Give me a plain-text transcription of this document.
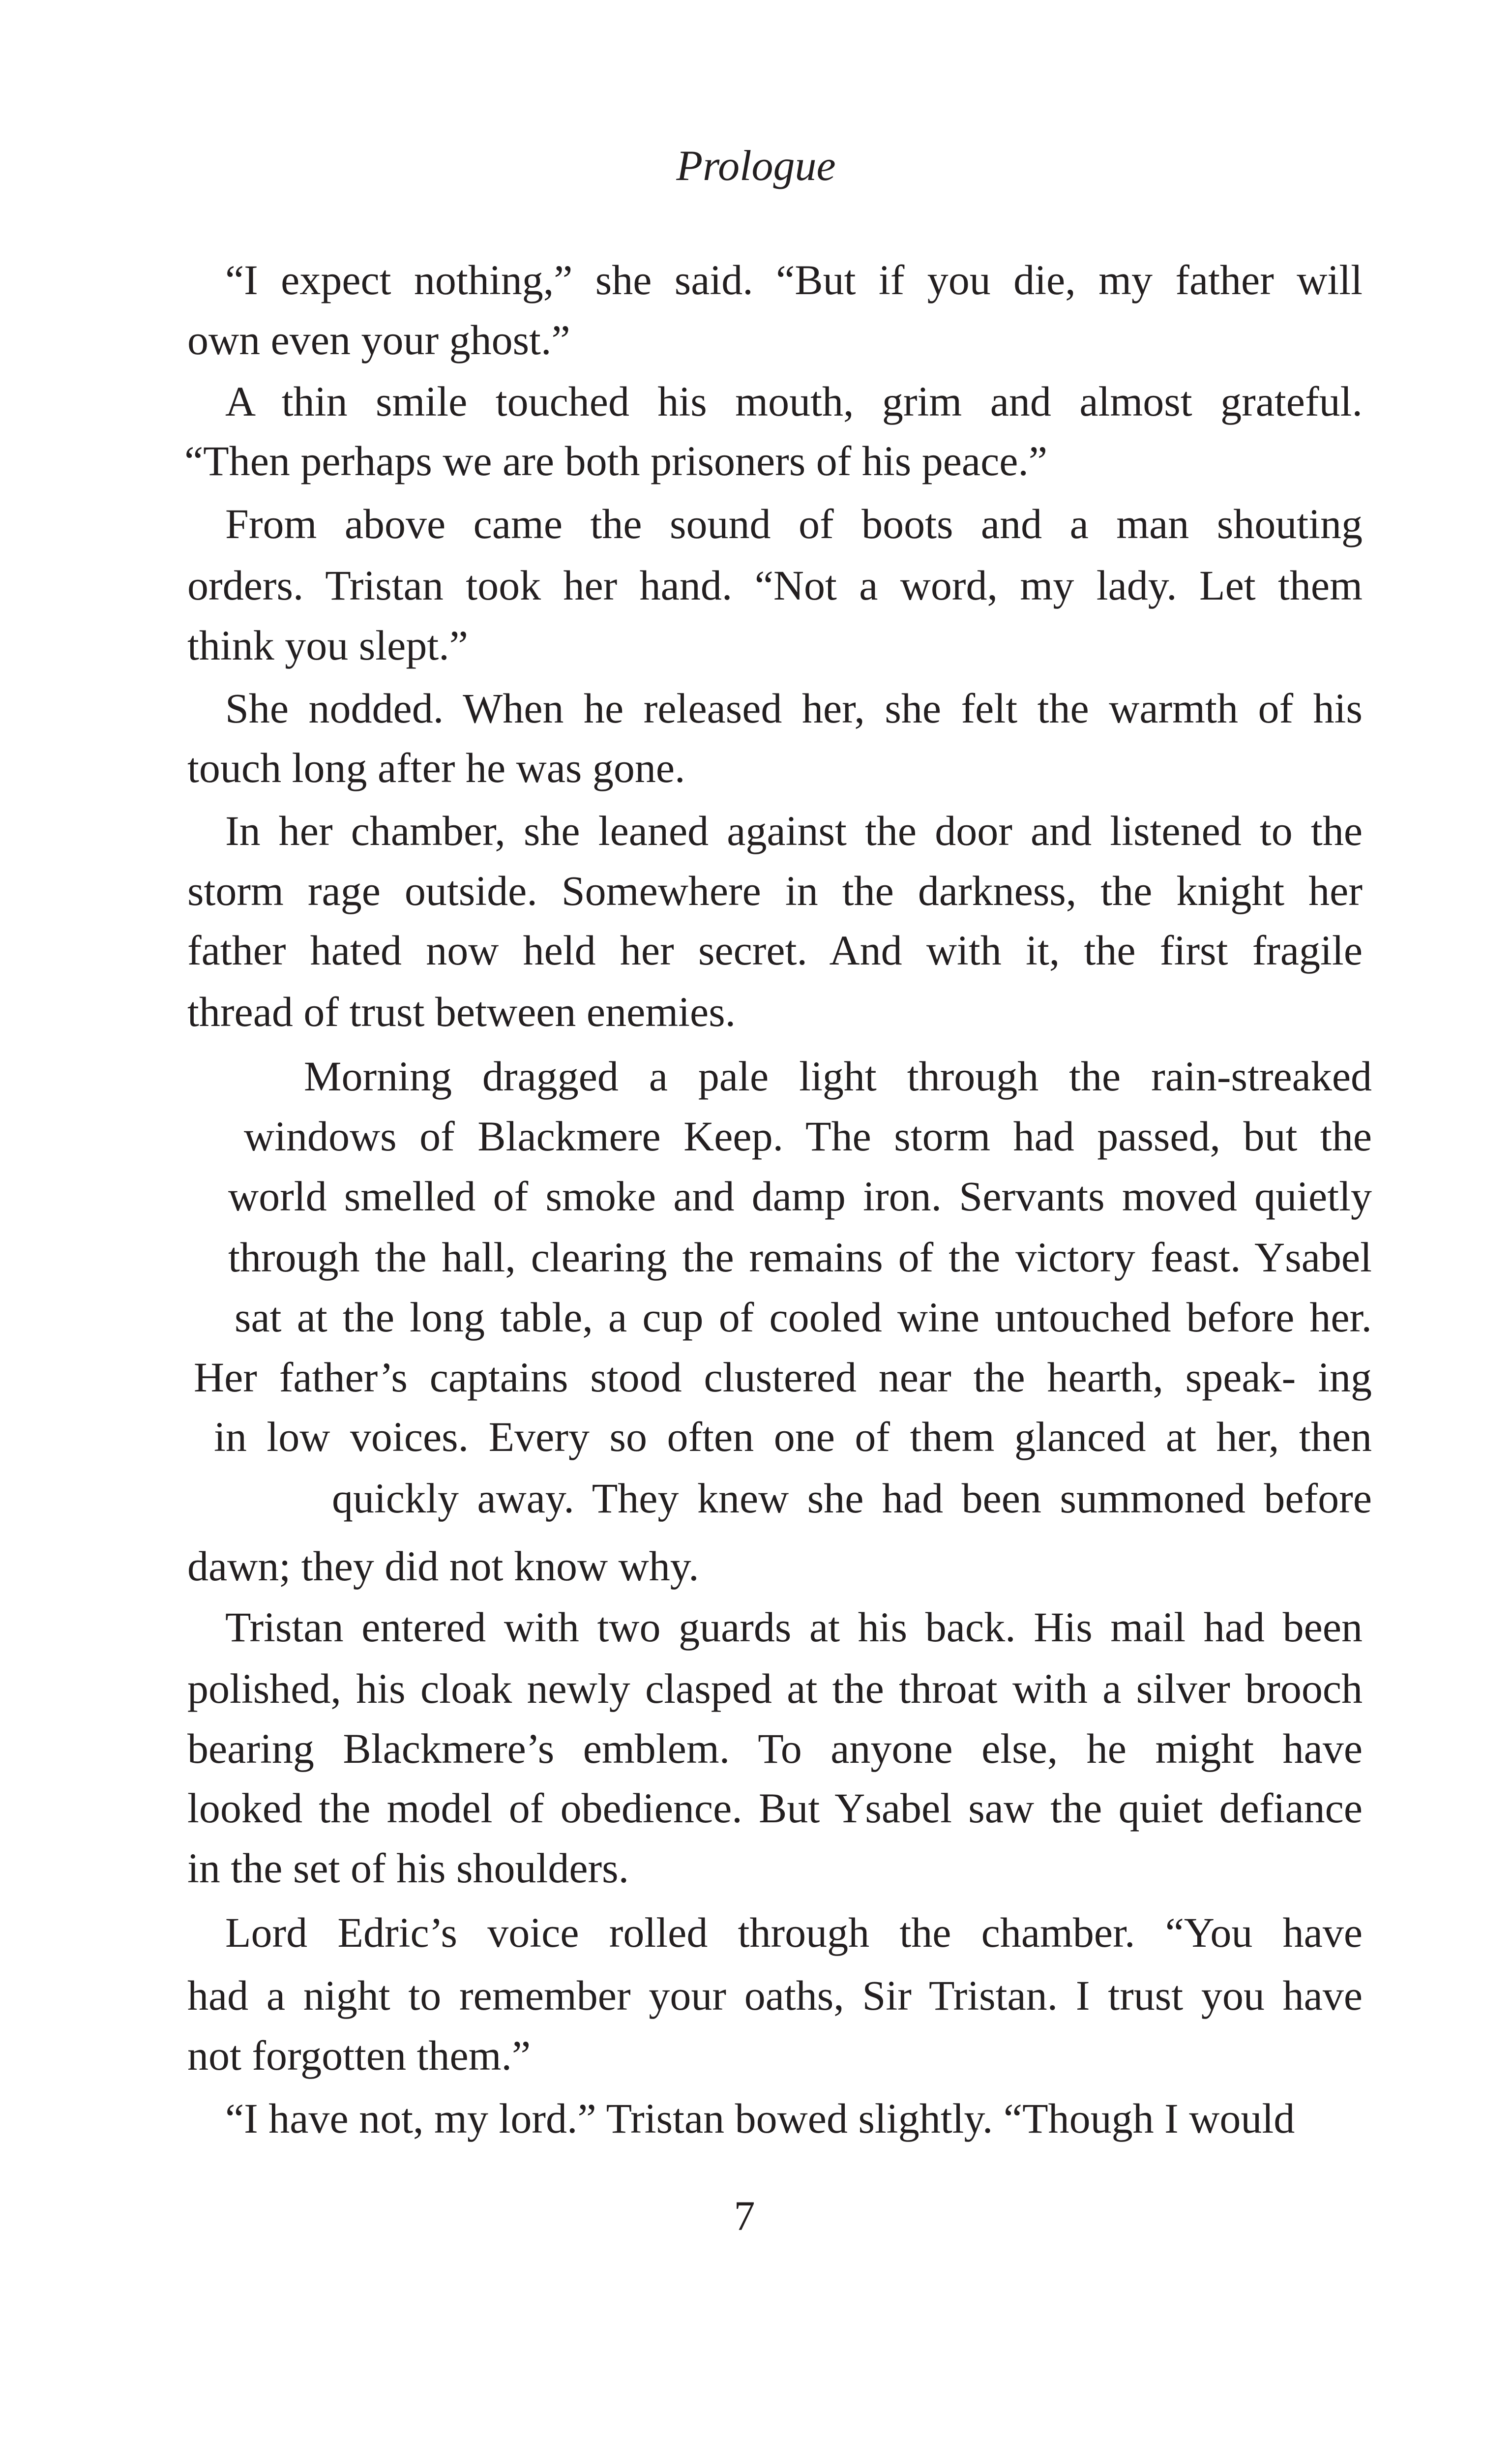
Prologue
“I expect nothing,” she said. “But if you die, my father will
own even your ghost.”
A thin smile touched his mouth, grim and almost grateful.
“Then perhaps we are both prisoners of his peace.”
From above came the sound of boots and a man shouting
orders. Tristan took her hand. “Not a word, my lady. Let them
think you slept.”
She nodded. When he released her, she felt the warmth of his
touch long after he was gone.
In her chamber, she leaned against the door and listened to the
storm rage outside. Somewhere in the darkness, the knight her
father hated now held her secret. And with it, the first fragile
thread of trust between enemies.
Morning dragged a pale light through the rain-streaked
windows of Blackmere Keep. The storm had passed, but the
world smelled of smoke and damp iron. Servants moved quietly
through the hall, clearing the remains of the victory feast. Ysabel
sat at the long table, a cup of cooled wine untouched before her.
Her father’s captains stood clustered near the hearth, speak- ing
in low voices. Every so often one of them glanced at her, then
quickly away. They knew she had been summoned before
dawn; they did not know why.
Tristan entered with two guards at his back. His mail had been
polished, his cloak newly clasped at the throat with a silver brooch
bearing Blackmere’s emblem. To anyone else, he might have
looked the model of obedience. But Ysabel saw the quiet defiance
in the set of his shoulders.
Lord Edric’s voice rolled through the chamber. “You have
had a night to remember your oaths, Sir Tristan. I trust you have
not forgotten them.”
“I have not, my lord.” Tristan bowed slightly. “Though I would
7
